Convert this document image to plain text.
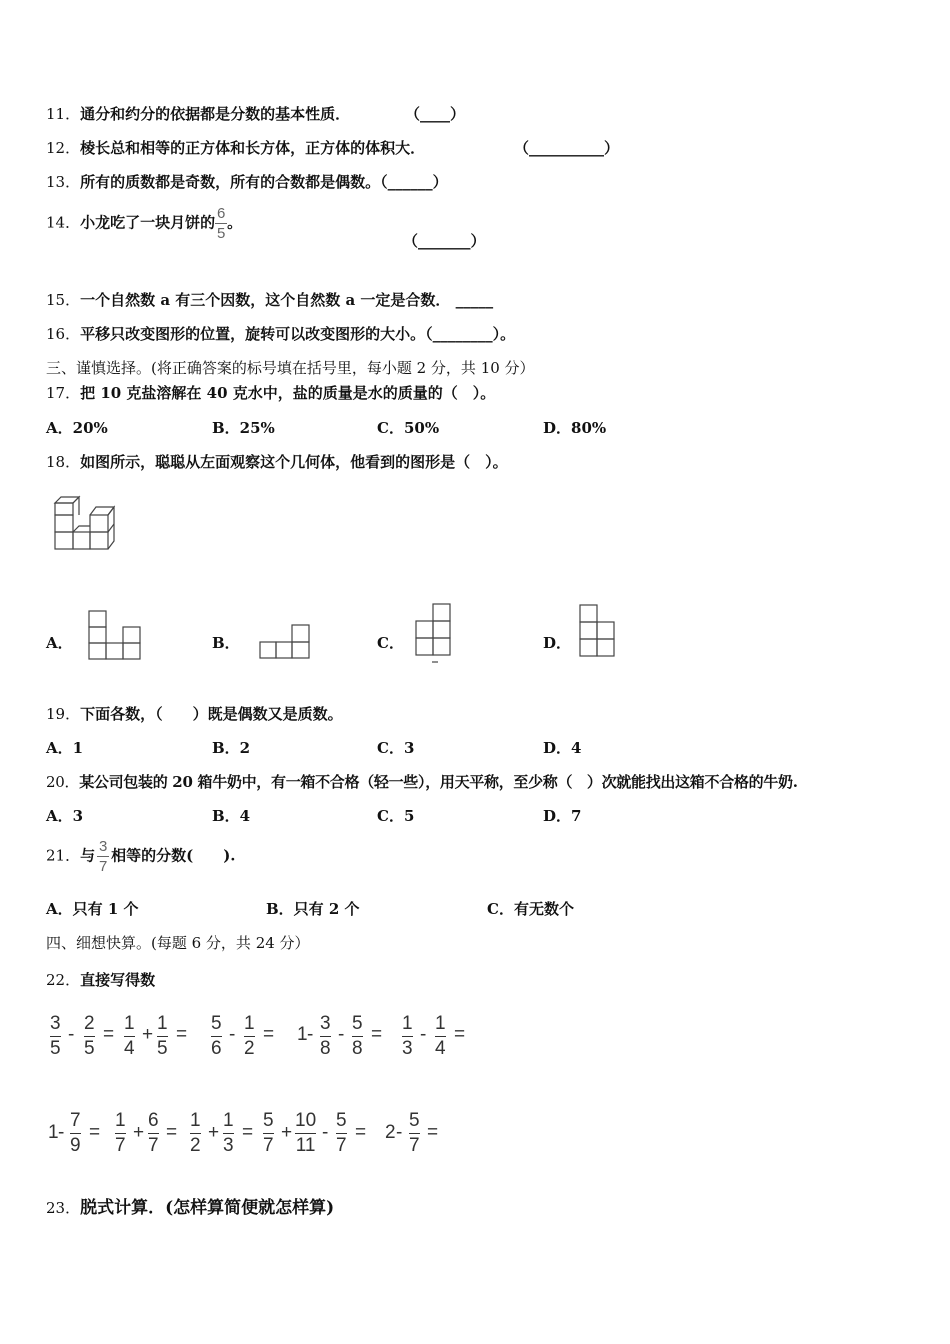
11．通分和约分的依据都是分数的基本性质．	（____）
12．棱长总和相等的正方体和长方体，正方体的体积大．	（__________）
13．所有的质数都是奇数，所有的合数都是偶数。（______）
14．小龙吃了一块月饼的 $\frac{6}{5}$ 。
（_______）
15．一个自然数 a 有三个因数，这个自然数 a 一定是合数． _____
16．平移只改变图形的位置，旋转可以改变图形的大小。（________）。
三、谨慎选择。(将正确答案的标号填在括号里，每小题 2 分，共 10 分）
17．把 10 克盐溶解在 40 克水中，盐的质量是水的质量的（　）。
A．20%	B．25%	C．50%	D．80%
18．如图所示，聪聪从左面观察这个几何体，他看到的图形是（　）。
A．	B．	C．	D．
19．下面各数，（　　）既是偶数又是质数。
A．1	B．2	C．3	D．4
20．某公司包装的 20 箱牛奶中，有一箱不合格（轻一些），用天平称，至少称（　）次就能找出这箱不合格的牛奶.
A．3	B．4	C．5	D．7
21．与 $\frac{3}{7}$ 相等的分数(　　).
A．只有 1 个	B．只有 2 个	C．有无数个
四、细想快算。(每题 6 分，共 24 分）
22．直接写得数
3
5
-
2
5
=
1
4
+
1
5
=
5
6
-
1
2
= 1 -
3
8
-
5
8
=
1
3
-
1
4
=
1 -
7
9
=
1
7
+
6
7
=
1
2
+
1
3
=
5
7
+
10
11
-
5
7
= 2 -
5
7
=
23．脱式计算．(怎样算简便就怎样算)
